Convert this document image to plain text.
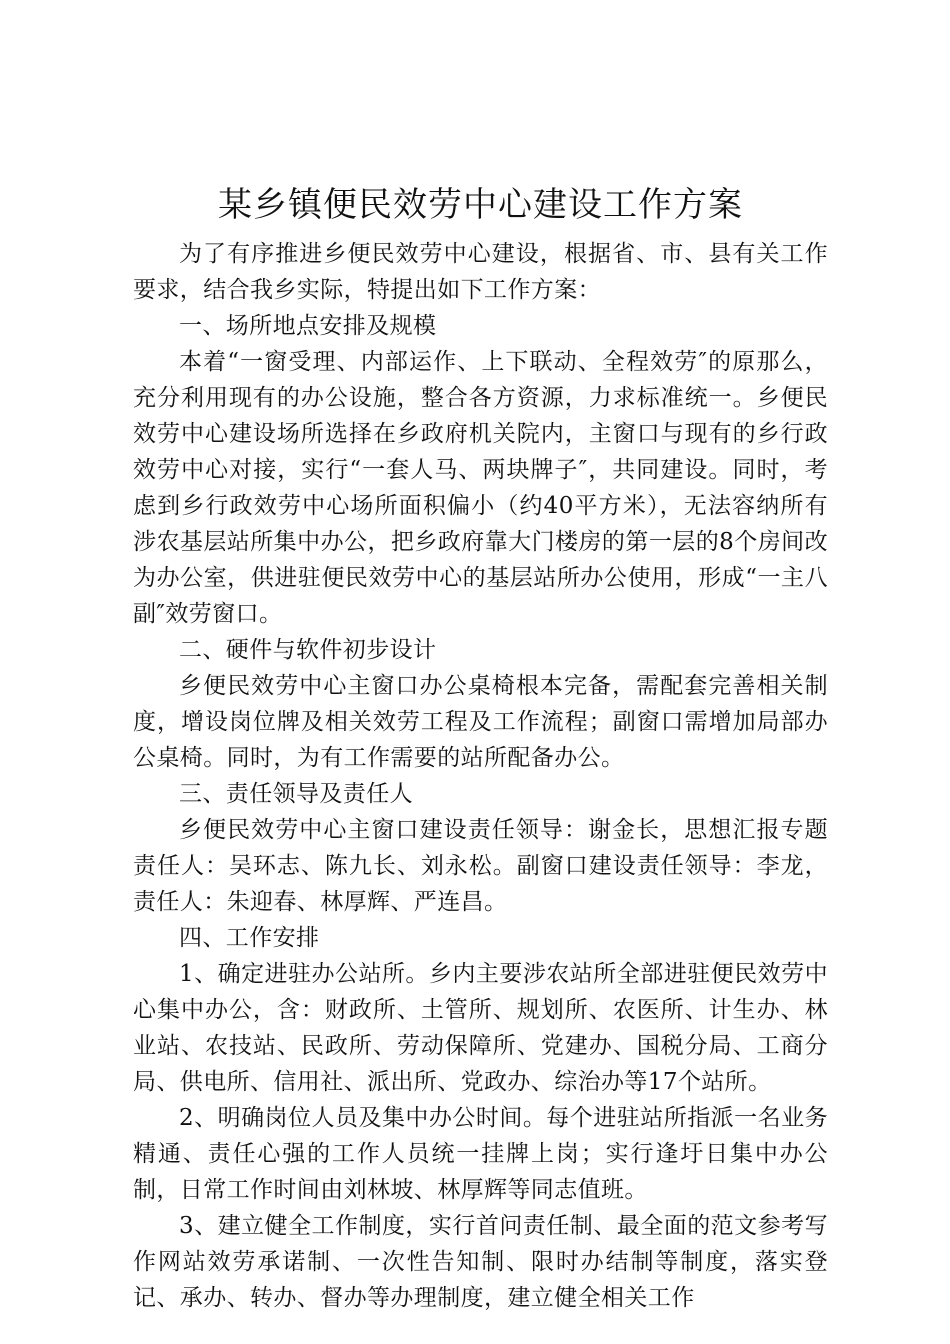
某乡镇便民效劳中心建设工作方案

为了有序推进乡便民效劳中心建设，根据省、市、县有关工作要求，结合我乡实际，特提出如下工作方案：

一、场所地点安排及规模

本着“一窗受理、内部运作、上下联动、全程效劳″的原那么，充分利用现有的办公设施，整合各方资源，力求标准统一。乡便民效劳中心建设场所选择在乡政府机关院内，主窗口与现有的乡行政效劳中心对接，实行“一套人马、两块牌子″，共同建设。同时，考虑到乡行政效劳中心场所面积偏小（约40平方米），无法容纳所有涉农基层站所集中办公，把乡政府靠大门楼房的第一层的8个房间改为办公室，供进驻便民效劳中心的基层站所办公使用，形成“一主八副″效劳窗口。

二、硬件与软件初步设计

乡便民效劳中心主窗口办公桌椅根本完备，需配套完善相关制度，增设岗位牌及相关效劳工程及工作流程；副窗口需增加局部办公桌椅。同时，为有工作需要的站所配备办公。

三、责任领导及责任人

乡便民效劳中心主窗口建设责任领导：谢金长，思想汇报专题责任人：吴环志、陈九长、刘永松。副窗口建设责任领导：李龙，责任人：朱迎春、林厚辉、严连昌。

四、工作安排

1、确定进驻办公站所。乡内主要涉农站所全部进驻便民效劳中心集中办公，含：财政所、土管所、规划所、农医所、计生办、林业站、农技站、民政所、劳动保障所、党建办、国税分局、工商分局、供电所、信用社、派出所、党政办、综治办等17个站所。

2、明确岗位人员及集中办公时间。每个进驻站所指派一名业务精通、责任心强的工作人员统一挂牌上岗；实行逢圩日集中办公制，日常工作时间由刘林坡、林厚辉等同志值班。

3、建立健全工作制度，实行首问责任制、最全面的范文参考写作网站效劳承诺制、一次性告知制、限时办结制等制度，落实登记、承办、转办、督办等办理制度，建立健全相关工作
